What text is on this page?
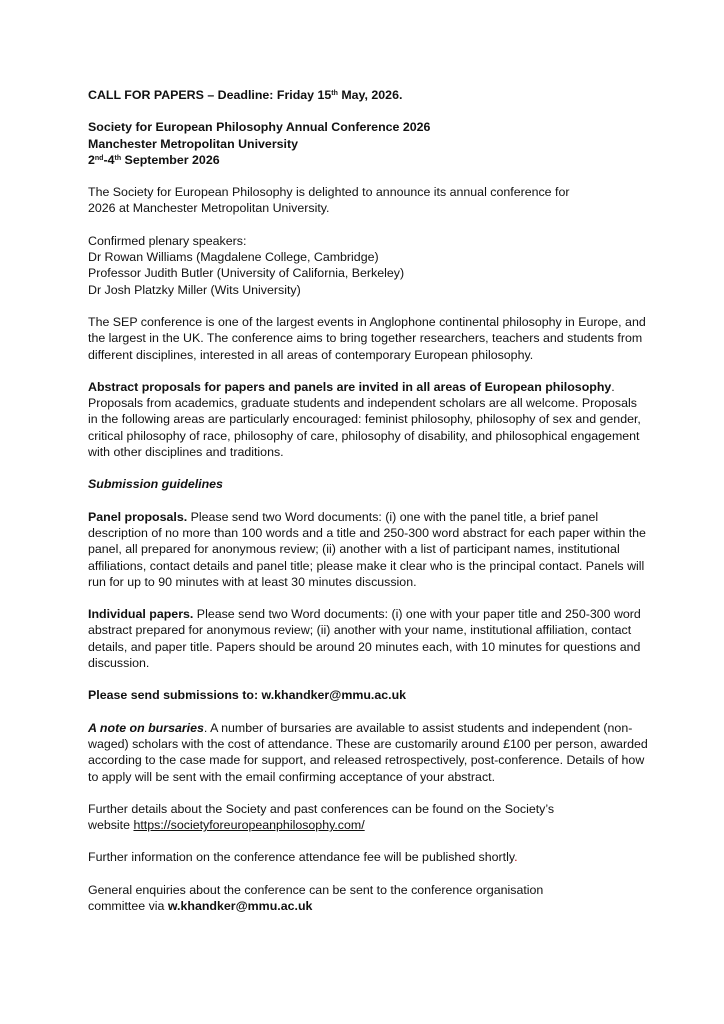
CALL FOR PAPERS – Deadline: Friday 15th May, 2026.

Society for European Philosophy Annual Conference 2026
Manchester Metropolitan University
2nd-4th September 2026

The Society for European Philosophy is delighted to announce its annual conference for
2026 at Manchester Metropolitan University.

Confirmed plenary speakers:
Dr Rowan Williams (Magdalene College, Cambridge)
Professor Judith Butler (University of California, Berkeley)
Dr Josh Platzky Miller (Wits University)

The SEP conference is one of the largest events in Anglophone continental philosophy in Europe, and the largest in the UK. The conference aims to bring together researchers, teachers and students from different disciplines, interested in all areas of contemporary European philosophy.

Abstract proposals for papers and panels are invited in all areas of European philosophy. Proposals from academics, graduate students and independent scholars are all welcome. Proposals in the following areas are particularly encouraged: feminist philosophy, philosophy of sex and gender, critical philosophy of race, philosophy of care, philosophy of disability, and philosophical engagement with other disciplines and traditions.

Submission guidelines

Panel proposals. Please send two Word documents: (i) one with the panel title, a brief panel description of no more than 100 words and a title and 250-300 word abstract for each paper within the panel, all prepared for anonymous review; (ii) another with a list of participant names, institutional affiliations, contact details and panel title; please make it clear who is the principal contact. Panels will run for up to 90 minutes with at least 30 minutes discussion.

Individual papers. Please send two Word documents: (i) one with your paper title and 250-300 word abstract prepared for anonymous review; (ii) another with your name, institutional affiliation, contact details, and paper title. Papers should be around 20 minutes each, with 10 minutes for questions and discussion.

Please send submissions to: w.khandker@mmu.ac.uk

A note on bursaries. A number of bursaries are available to assist students and independent (non-waged) scholars with the cost of attendance. These are customarily around £100 per person, awarded according to the case made for support, and released retrospectively, post-conference. Details of how to apply will be sent with the email confirming acceptance of your abstract.

Further details about the Society and past conferences can be found on the Society’s
website https://societyforeuropeanphilosophy.com/

Further information on the conference attendance fee will be published shortly.

General enquiries about the conference can be sent to the conference organisation
committee via w.khandker@mmu.ac.uk
